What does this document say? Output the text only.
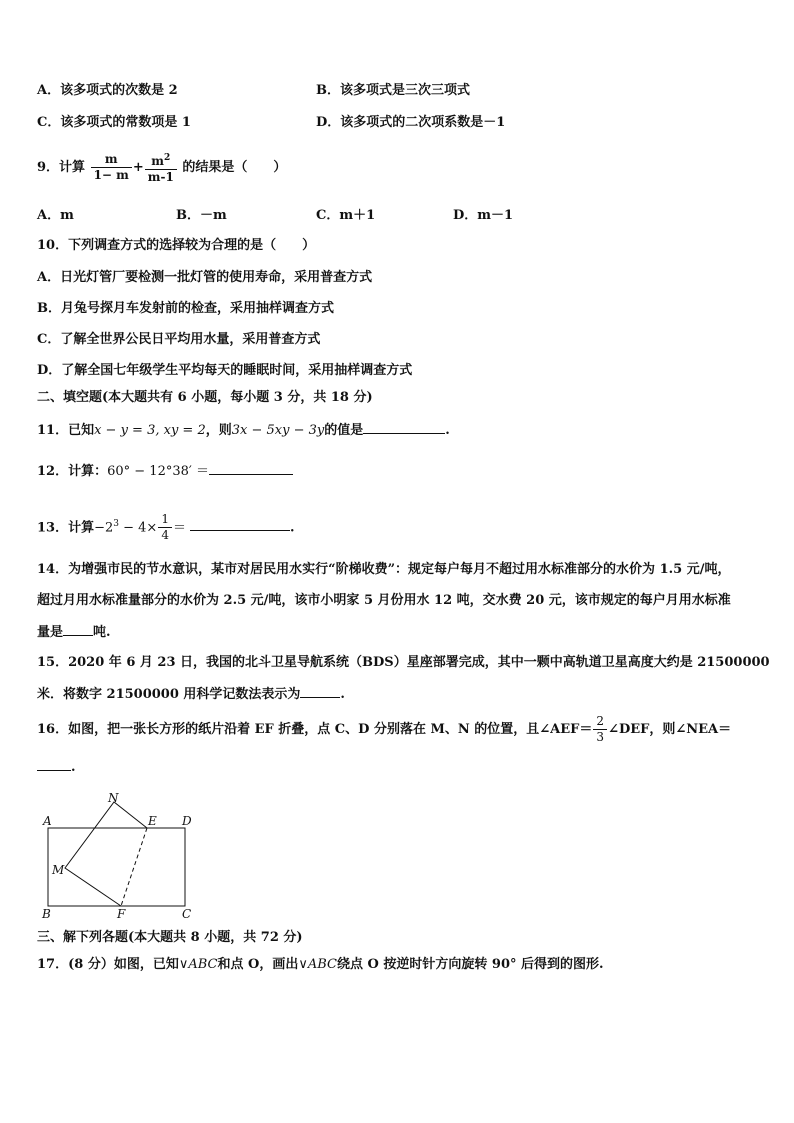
A．该多项式的次数是 2	B．该多项式是三次三项式
C．该多项式的常数项是 1	D．该多项式的二次项系数是－1
9．计算 $\frac{m}{1- m} + \frac{m^2}{m-1}$ 的结果是（　　）
A．m	B．－m	C．m＋1	D．m－1
10．下列调查方式的选择较为合理的是（　　）
A．日光灯管厂要检测一批灯管的使用寿命，采用普查方式
B．月兔号探月车发射前的检查，采用抽样调查方式
C．了解全世界公民日平均用水量，采用普查方式
D．了解全国七年级学生平均每天的睡眠时间，采用抽样调查方式
二、填空题(本大题共有 6 小题，每小题 3 分，共 18 分)
11．已知x − y = 3, xy = 2，则3x − 5xy − 3y的值是	.
12．计算：60° − 12°38′ ＝
13．计算$-2^3 - 4\times \frac{1}{4}$ ＝	.
14．为增强市民的节水意识，某市对居民用水实行“阶梯收费”：规定每户每月不超过用水标准部分的水价为 1.5 元/吨，
超过月用水标准量部分的水价为 2.5 元/吨，该市小明家 5 月份用水 12 吨，交水费 20 元，该市规定的每户月用水标准
量是 吨.
15．2020 年 6 月 23 日，我国的北斗卫星导航系统（BDS）星座部署完成，其中一颗中高轨道卫星高度大约是 21500000
米．将数字 21500000 用科学记数法表示为	.
16．如图，把一张长方形的纸片沿着 EF 折叠，点 C、D 分别落在 M、N 的位置，且∠AEF＝ $\frac{2}{3}$ ∠DEF，则∠NEA＝
.
A
B	C
D
E
F
M
N
三、解下列各题(本大题共 8 小题，共 72 分)
17．(8 分）如图，已知∨ABC和点 O，画出∨ABC绕点 O 按逆时针方向旋转 90° 后得到的图形.
